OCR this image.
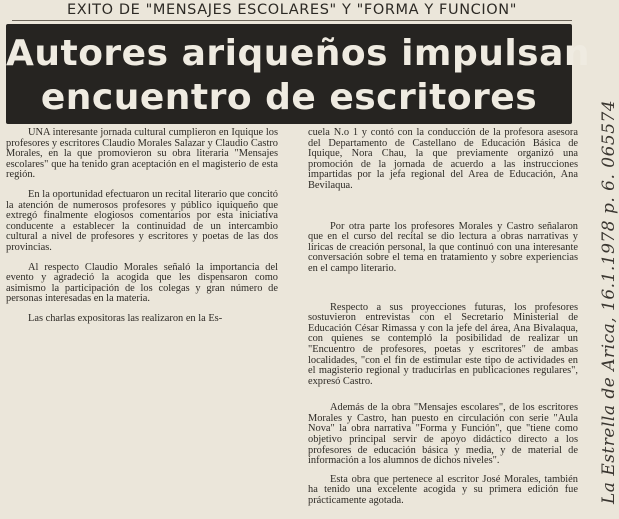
EXITO DE "MENSAJES ESCOLARES" Y "FORMA Y FUNCION"
Autores ariqueños impulsan
encuentro de escritores

UNA interesante jornada cultural cumplieron en Iquique los profesores y escritores Claudio Morales Salazar y Claudio Castro Morales, en la que promovieron su obra literaria "Mensajes escolares" que ha tenido gran aceptación en el magisterio de esta región.

En la oportunidad efectuaron un recital literario que concitó la atención de numerosos profesores y público iquiqueño que extregó finalmente elogiosos comentarios por esta iniciativa conducente a establecer la continuidad de un intercambio cultural a nivel de profesores y escritores y poetas de las dos provincias.

Al respecto Claudio Morales señaló la importancia del evento y agradeció la acogida que les dispensaron como asimismo la participación de los colegas y gran número de personas interesadas en la materia.

Las charlas expositoras las realizaron en la Es-

cuela N.o 1 y contó con la conducción de la profesora asesora del Departamento de Castellano de Educación Básica de Iquique, Nora Chau, la que previamente organizó una promoción de la jornada de acuerdo a las instrucciones impartidas por la jefa regional del Area de Educación, Ana Bevilaqua.

Por otra parte los profesores Morales y Castro señalaron que en el curso del recital se dio lectura a obras narrativas y líricas de creación personal, la que continuó con una interesante conversación sobre el tema en tratamiento y sobre experiencias en el campo literario.

Respecto a sus proyecciones futuras, los profesores sostuvieron entrevistas con el Secretario Ministerial de Educación César Rimassa y con la jefe del área, Ana Bivalaqua, con quienes se contempló la posibilidad de realizar un "Encuentro de profesores, poetas y escritores" de ambas localidades, "con el fin de estimular este tipo de actividades en el magisterio regional y traducirlas en publicaciones regulares", expresó Castro.

Además de la obra "Mensajes escolares", de los escritores Morales y Castro, han puesto en circulación con serie "Aula Nova" la obra narrativa "Forma y Función", que "tiene como objetivo principal servir de apoyo didáctico directo a los profesores de educación básica y media, y de material de información a los alumnos de dichos niveles".

Esta obra que pertenece al escritor José Morales, también ha tenido una excelente acogida y su primera edición fue prácticamente agotada.	La Estrella de Arica, 16.1.1978 p. 6. 065574
